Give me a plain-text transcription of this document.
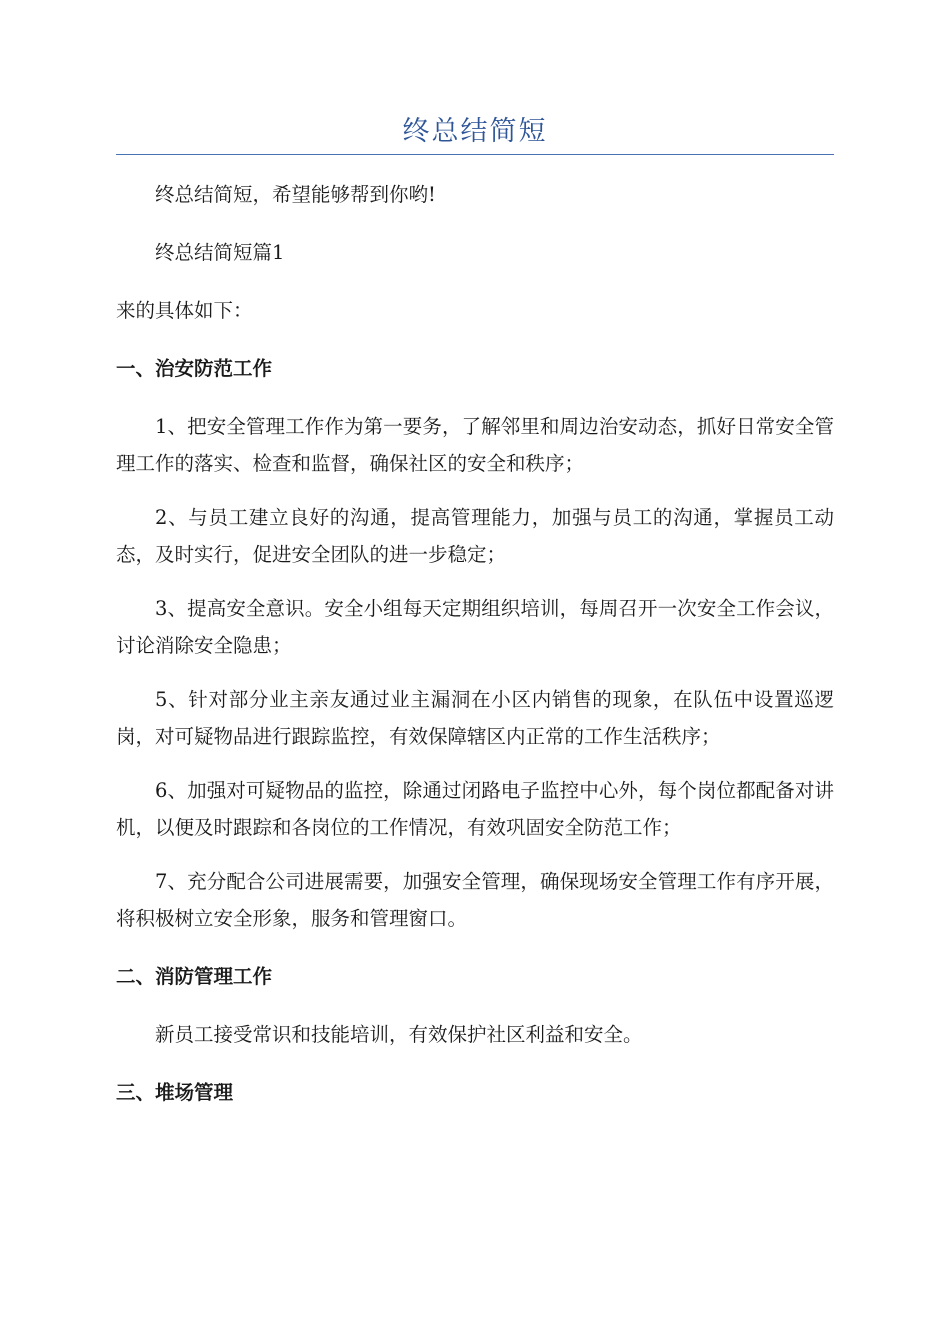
终总结简短

终总结简短，希望能够帮到你哟!

终总结简短篇1

来的具体如下：

一、治安防范工作

1、把安全管理工作作为第一要务，了解邻里和周边治安动态，抓好日常安全管理工作的落实、检查和监督，确保社区的安全和秩序；

2、与员工建立良好的沟通，提高管理能力，加强与员工的沟通，掌握员工动态，及时实行，促进安全团队的进一步稳定；

3、提高安全意识。安全小组每天定期组织培训，每周召开一次安全工作会议，讨论消除安全隐患；

5、针对部分业主亲友通过业主漏洞在小区内销售的现象，在队伍中设置巡逻岗，对可疑物品进行跟踪监控，有效保障辖区内正常的工作生活秩序；

6、加强对可疑物品的监控，除通过闭路电子监控中心外，每个岗位都配备对讲机，以便及时跟踪和各岗位的工作情况，有效巩固安全防范工作；

7、充分配合公司进展需要，加强安全管理，确保现场安全管理工作有序开展，将积极树立安全形象，服务和管理窗口。

二、消防管理工作

新员工接受常识和技能培训，有效保护社区利益和安全。

三、堆场管理
